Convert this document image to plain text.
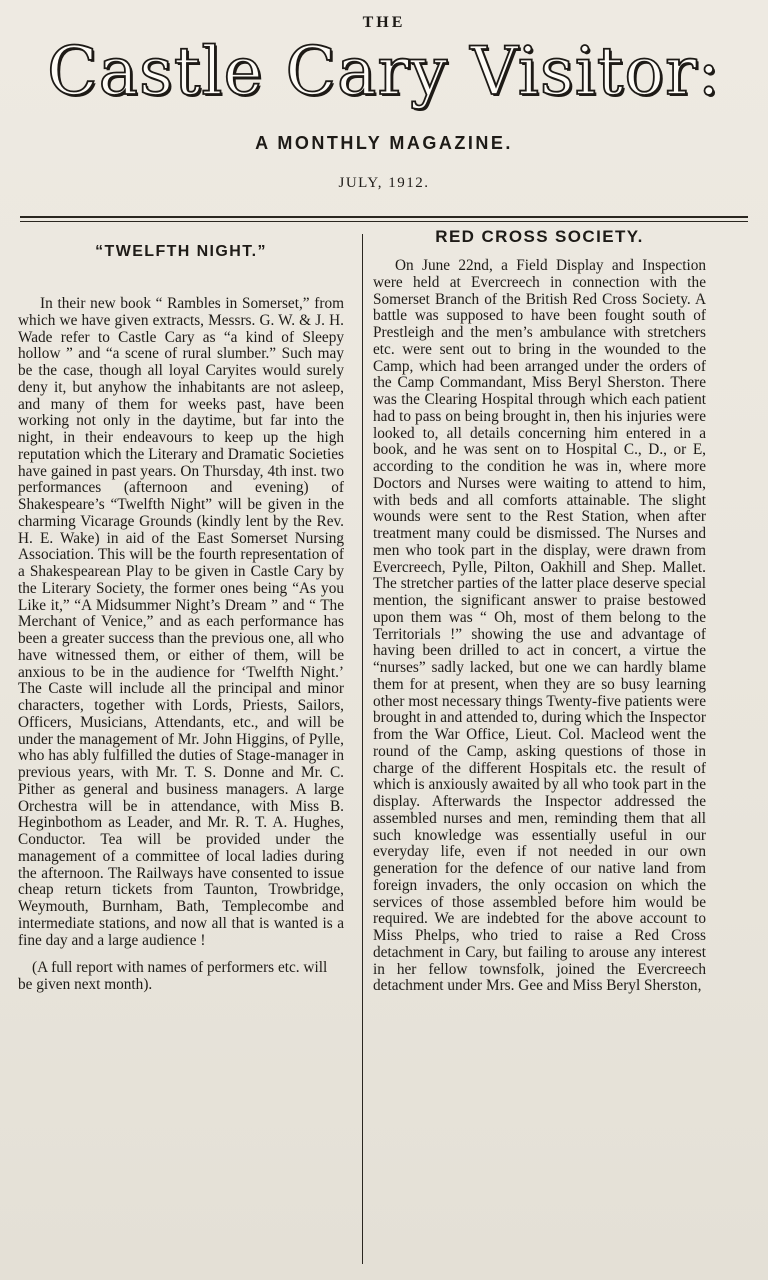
THE
Castle Cary Visitor:
A MONTHLY MAGAZINE.
JULY, 1912.
“TWELFTH NIGHT.”

In their new book “ Rambles in Somerset,” from which we have given extracts, Messrs. G. W. & J. H. Wade refer to Castle Cary as “a kind of Sleepy hollow ” and “a scene of rural slumber.” Such may be the case, though all loyal Caryites would surely deny it, but anyhow the inhabitants are not asleep, and many of them for weeks past, have been working not only in the daytime, but far into the night, in their endeavours to keep up the high reputation which the Literary and Dramatic Societies have gained in past years. On Thursday, 4th inst. two performances (afternoon and evening) of Shakespeare’s “Twelfth Night” will be given in the charming Vicarage Grounds (kindly lent by the Rev. H. E. Wake) in aid of the East Somerset Nursing Association. This will be the fourth representation of a Shakespearean Play to be given in Castle Cary by the Literary Society, the former ones being “As you Like it,” “A Midsummer Night’s Dream ” and “ The Merchant of Venice,” and as each performance has been a greater success than the previous one, all who have witnessed them, or either of them, will be anxious to be in the audience for ‘Twelfth Night.’ The Caste will include all the principal and minor characters, together with Lords, Priests, Sailors, Officers, Musicians, Attendants, etc., and will be under the management of Mr. John Higgins, of Pylle, who has ably fulfilled the duties of Stage-manager in previous years, with Mr. T. S. Donne and Mr. C. Pither as general and business managers. A large Orchestra will be in attendance, with Miss B. Heginbothom as Leader, and Mr. R. T. A. Hughes, Conductor. Tea will be provided under the management of a committee of local ladies during the afternoon. The Railways have consented to issue cheap return tickets from Taunton, Trowbridge, Weymouth, Burnham, Bath, Templecombe and intermediate stations, and now all that is wanted is a fine day and a large audience !

(A full report with names of performers etc. will be given next month).

RED CROSS SOCIETY.

On June 22nd, a Field Display and Inspection were held at Evercreech in connection with the Somerset Branch of the British Red Cross Society. A battle was supposed to have been fought south of Prestleigh and the men’s ambulance with stretchers etc. were sent out to bring in the wounded to the Camp, which had been arranged under the orders of the Camp Commandant, Miss Beryl Sherston. There was the Clearing Hospital through which each patient had to pass on being brought in, then his injuries were looked to, all details concerning him entered in a book, and he was sent on to Hospital C., D., or E, according to the condition he was in, where more Doctors and Nurses were waiting to attend to him, with beds and all comforts attainable. The slight wounds were sent to the Rest Station, when after treatment many could be dismissed. The Nurses and men who took part in the display, were drawn from Evercreech, Pylle, Pilton, Oakhill and Shep. Mallet. The stretcher parties of the latter place deserve special mention, the significant answer to praise bestowed upon them was “ Oh, most of them belong to the Territorials !” showing the use and advantage of having been drilled to act in concert, a virtue the “nurses” sadly lacked, but one we can hardly blame them for at present, when they are so busy learning other most necessary things Twenty-five patients were brought in and attended to, during which the Inspector from the War Office, Lieut. Col. Macleod went the round of the Camp, asking questions of those in charge of the different Hospitals etc. the result of which is anxiously awaited by all who took part in the display. Afterwards the Inspector addressed the assembled nurses and men, reminding them that all such knowledge was essentially useful in our everyday life, even if not needed in our own generation for the defence of our native land from foreign invaders, the only occasion on which the services of those assembled before him would be required. We are indebted for the above account to Miss Phelps, who tried to raise a Red Cross detachment in Cary, but failing to arouse any interest in her fellow townsfolk, joined the Evercreech detachment under Mrs. Gee and Miss Beryl Sherston,
